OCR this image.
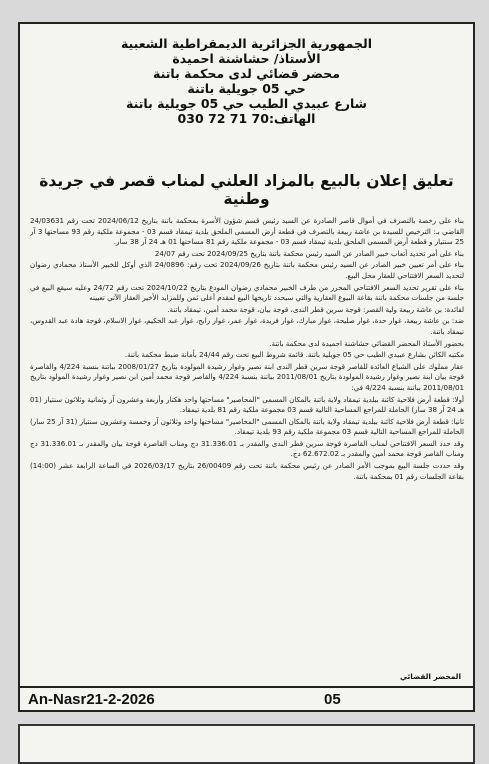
الجمهورية الجزائرية الديمقراطية الشعبية
الأستاذ/ حشاشنة احميدة
محضر قضائي لدى محكمة باتنة
حي 05 جويلية باتنة
شارع عبيدي الطيب حي 05 جويلية باتنة
الهاتف:70 71 72 030
تعليق إعلان بالبيع بالمزاد العلني لمناب قصر في جريدة وطنية

بناء على رخصة بالتصرف في أموال قاصر الصادرة عن السيد رئيس قسم شؤون الأسرة بمحكمة باتنة بتاريخ 2024/06/12 تحت رقم 24/03631 القاضي بـ: الترخيص للسيدة بن عاشة ربيعة بالتصرف في قطعة أرض المسمى الملحق بلدية تيمقاد قسم 03 - مجموعة ملكية رقم 93 مساحتها 3 آر 25 سنتيار و قطعة أرض المسمى الملحق بلدية تيمقاد قسم 03 - مجموعة ملكية رقم 81 مساحتها 01 هـ 24 آر 38 سار.

بناء على أمر تحديد أتعاب خبير الصادر عن السيد رئيس محكمة باتنة بتاريخ 2024/09/25 تحت رقم 24/07

بناء على أمر تعيين خبير الصادر عن السيد رئيس محكمة باتنة بتاريخ 2024/09/26 تحت رقم: 24/0896 الذي أوكل للخبير الأستاذ محمادي رضوان لتحديد السعر الافتتاحي للعقار محل البيع.

بناء على تقرير تحديد السعر الافتتاحي المحرر من طرف الخبير محمادي رضوان المودع بتاريخ 2024/10/22 تحت رقم 24/72 وعليه سيقع البيع في جلسة من جلسات محكمة باتنة بقاعة البيوع العقارية والتي سيحدد تاريخها البيع لمقدم أعلى ثمن وللمزايد الأخير العقار الآتي تعيينه

لفائدة: بن عاشة ربيعة ولية القصر: قوجة سرين قطر الندى، قوجة بيان، قوجة محمد أمين، تيمقاد باتنة.

ضد: بن عاشة ربيعة، غوار حدة، غوار صليحة، غوار مبارك، غوار فريدة، غوار عمر، غوار رابح، غوار عبد الحكيم، غوار الاسلام، قوجة هادة عبد القدوس، تيمقاد باتنة.

بحضور الأستاذ المحضر القضائي حشاشنة احميدة لدى محكمة باتنة.

مكتبه الكائن بشارع عبيدي الطيب حي 05 جويلية باتنة. قائمة شروط البيع تحت رقم 24/44 بأمانة ضبط محكمة باتنة.

عقار مملوك على الشياع العائدة للقاصر قوجة سرين قطر الندى ابنة نصير وغوار رشيدة المولودة بتاريخ 2008/01/27 بباتنة بنسبة 4/224 والقاصرة قوجة بيان ابنة نصير وغوار رشيدة المولودة بتاريخ 2011/08/01 بباتنة بنسبة 4/224 والقاصر قوجة محمد أمين ابن نصير وغوار رشيدة المولود بتاريخ 2011/08/01 بباتنة بنسبة 4/224 في:

أولا: قطعة أرض فلاحية كائنة ببلدية تيمقاد ولاية باتنة بالمكان المسمى "المحاصير" مساحتها واحد هكتار وأربعة وعشرون آر وثمانية وثلاثون سنتيار (01 هـ 24 آر 38 سار) الحاملة للمراجع المساحية التالية قسم 03 مجموعة ملكية رقم 81 بلدية تيمقاد.

ثانيا: قطعة أرض فلاحية كائنة ببلدية تيمقاد ولاية باتنة بالمكان المسمى "المحاصير" مساحتها واحد وثلاثون آر وخمسة وعشرون سنتيار (31 آر 25 سار) الحاملة للمراجع المساحية التالية قسم 03 مجموعة ملكية رقم 93 بلدية تيمقاد.

وقد حدد السعر الافتتاحي لمناب القاصرة قوجة سرين قطر الندى والمقدر بـ 31.336.01 دج ومناب القاصرة قوجة بيان والمقدر بـ 31.336.01 دج ومناب القاصر قوجة محمد أمين والمقدر بـ 62.672.02 دج.

وقد حددت جلسة البيع بموجب الأمر الصادر عن رئيس محكمة باتنة تحت رقم 26/00409 بتاريخ 2026/03/17 في الساعة الرابعة عشر (14:00) بقاعة الجلسات رقم 01 بمحكمة باتنة.

المحضر القضائي
An-Nasr21-2-2026	05
